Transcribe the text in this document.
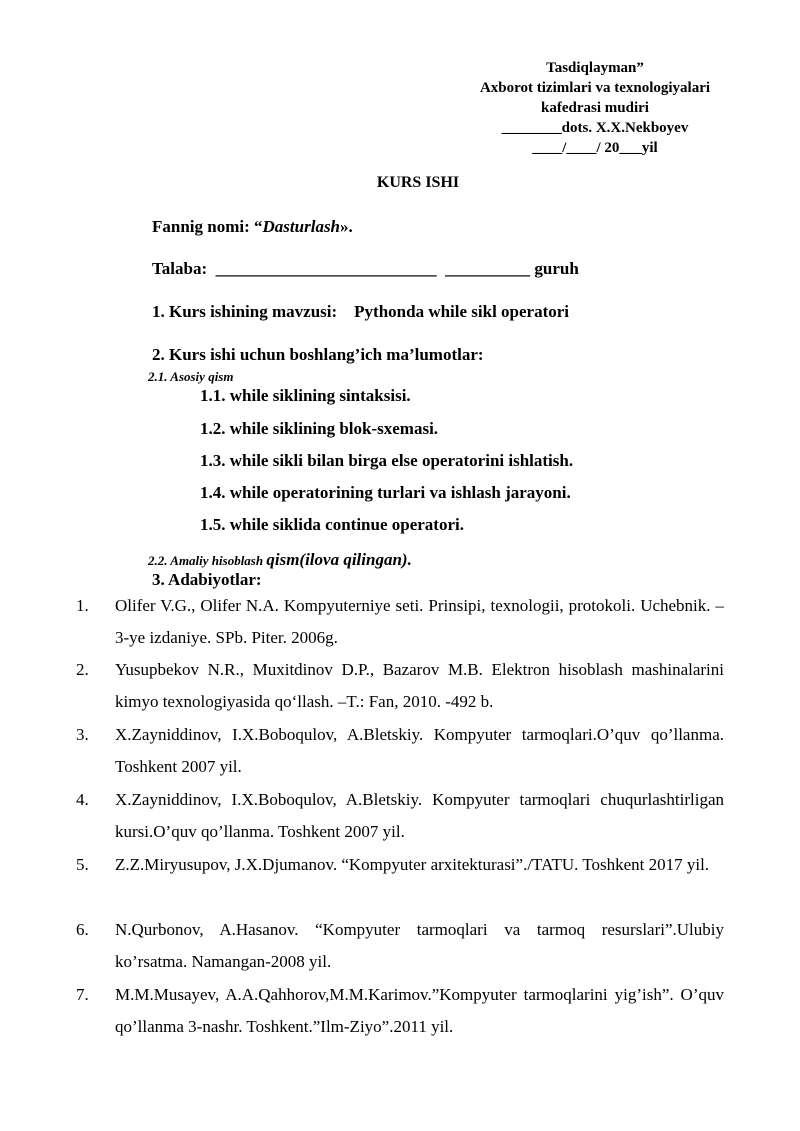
Tasdiqlayman”
Axborot tizimlari va texnologiyalari
kafedrasi mudiri
________dots. X.X.Nekboyev
____/____/ 20___yil
KURS ISHI
Fannig nomi: “Dasturlash».
Talaba: __________________________ __________ guruh
1. Kurs ishining mavzusi: Pythonda while sikl operatori
2. Kurs ishi uchun boshlang’ich ma’lumotlar:
2.1. Asosiy qism
1.1. while siklining sintaksisi.
1.2. while siklining blok-sxemasi.
1.3. while sikli bilan birga else operatorini ishlatish.
1.4. while operatorining turlari va ishlash jarayoni.
1.5. while siklida continue operatori.
2.2. Amaliy hisoblash qism(ilova qilingan).
3. Adabiyotlar:
1. Olifer V.G., Olifer N.A. Kompyuterniye seti. Prinsipi, texnologii, protokoli. Uchebnik. –3-ye izdaniye. SPb. Piter. 2006g.
2. Yusupbekov N.R., Muxitdinov D.P., Bazarov M.B. Elektron hisoblash mashinalarini kimyo texnologiyasida qo‘llash. –T.: Fan, 2010. -492 b.
3. X.Zayniddinov, I.X.Boboqulov, A.Bletskiy. Kompyuter tarmoqlari.O’quv qo’llanma. Toshkent 2007 yil.
4. X.Zayniddinov, I.X.Boboqulov, A.Bletskiy. Kompyuter tarmoqlari chuqurlashtirligan kursi.O’quv qo’llanma. Toshkent 2007 yil.
5. Z.Z.Miryusupov, J.X.Djumanov. “Kompyuter arxitekturasi”./TATU. Toshkent 2017 yil.
6. N.Qurbonov, A.Hasanov. “Kompyuter tarmoqlari va tarmoq resurslari”.Ulubiy ko’rsatma. Namangan-2008 yil.
7. M.M.Musayev, A.A.Qahhorov,M.M.Karimov.”Kompyuter tarmoqlarini yig’ish”. O’quv qo’llanma 3-nashr. Toshkent.”Ilm-Ziyo”.2011 yil.
